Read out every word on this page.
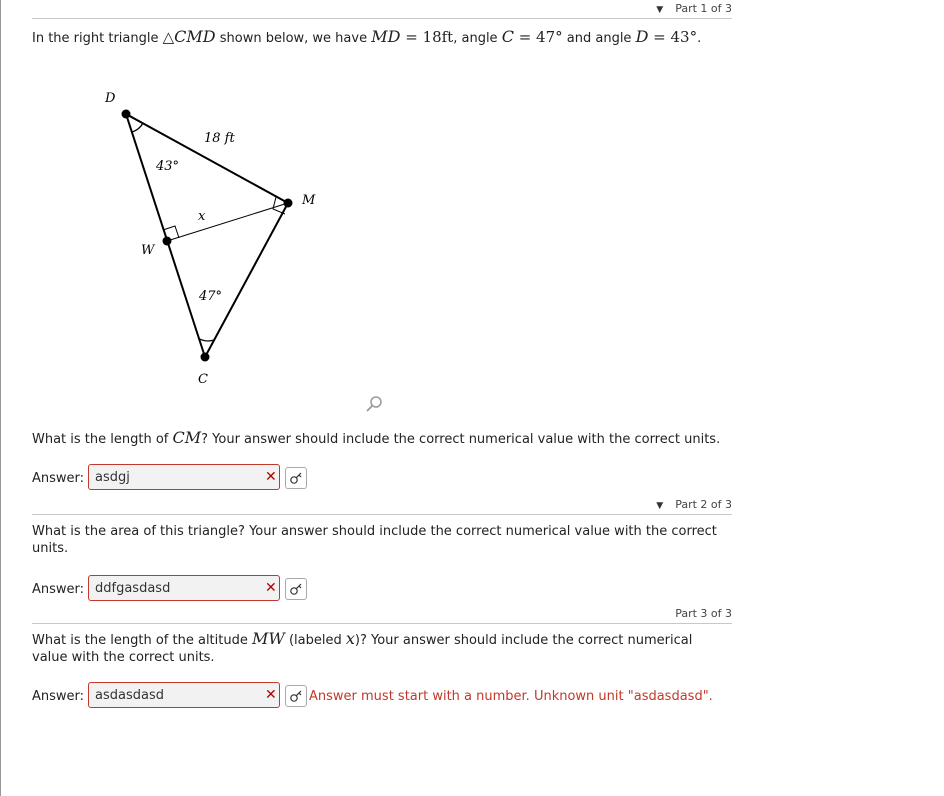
▼ Part 1 of 3
In the right triangle △CMD shown below, we have MD = 18ft, angle C = 47° and angle D = 43°.
D
M
C
W
x
18 ft
43°
47°
What is the length of CM? Your answer should include the correct numerical value with the correct units.
Answer:
asdgj	✕
▼ Part 2 of 3
What is the area of this triangle? Your answer should include the correct numerical value with the correct units.
Answer:
ddfgasdasd	✕
Part 3 of 3
What is the length of the altitude MW (labeled x)? Your answer should include the correct numerical value with the correct units.
Answer:
asdasdasd	✕ Answer must start with a number. Unknown unit "asdasdasd".
